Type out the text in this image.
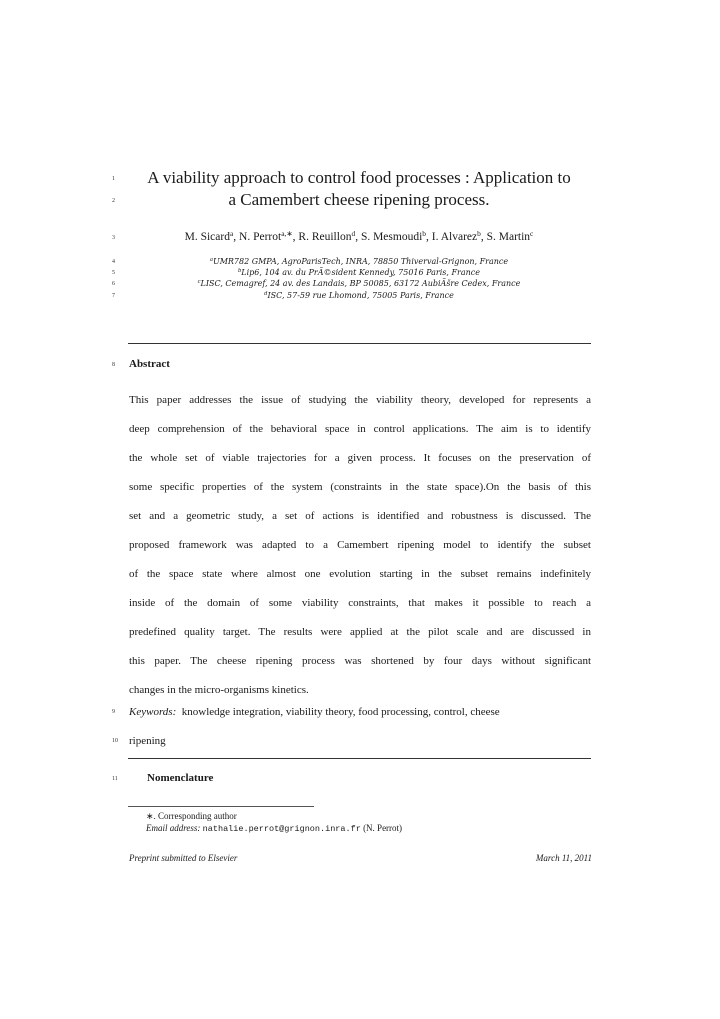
1
2
3
4
5
6
7
8
9
10
11
A viability approach to control food processes : Application to
a Camembert cheese ripening process.
M. Sicard$^a$, N. Perrot$^{a,∗}$, R. Reuillon$^d$, S. Mesmoudi$^b$, I. Alvarez$^b$, S. Martin$^c$
$^a$UMR782 GMPA, AgroParisTech, INRA, 78850 Thiverval-Grignon, France
$^b$Lip6, 104 av. du PrÃ©sident Kennedy, 75016 Paris, France
$^c$LISC, Cemagref, 24 av. des Landais, BP 50085, 63172 AubiÃšre Cedex, France
$^d$ISC, 57-59 rue Lhomond, 75005 Paris, France
Abstract
This paper addresses the issue of studying the viability theory, developed for represents a
deep comprehension of the behavioral space in control applications. The aim is to identify
the whole set of viable trajectories for a given process. It focuses on the preservation of
some specific properties of the system (constraints in the state space).On the basis of this
set and a geometric study, a set of actions is identified and robustness is discussed. The
proposed framework was adapted to a Camembert ripening model to identify the subset
of the space state where almost one evolution starting in the subset remains indefinitely
inside of the domain of some viability constraints, that makes it possible to reach a
predefined quality target. The results were applied at the pilot scale and are discussed in
this paper. The cheese ripening process was shortened by four days without significant
changes in the micro-organisms kinetics.
Keywords: knowledge integration, viability theory, food processing, control, cheese
ripening
Nomenclature
∗. Corresponding author
Email address: nathalie.perrot@grignon.inra.fr (N. Perrot)
Preprint submitted to Elsevier	March 11, 2011
